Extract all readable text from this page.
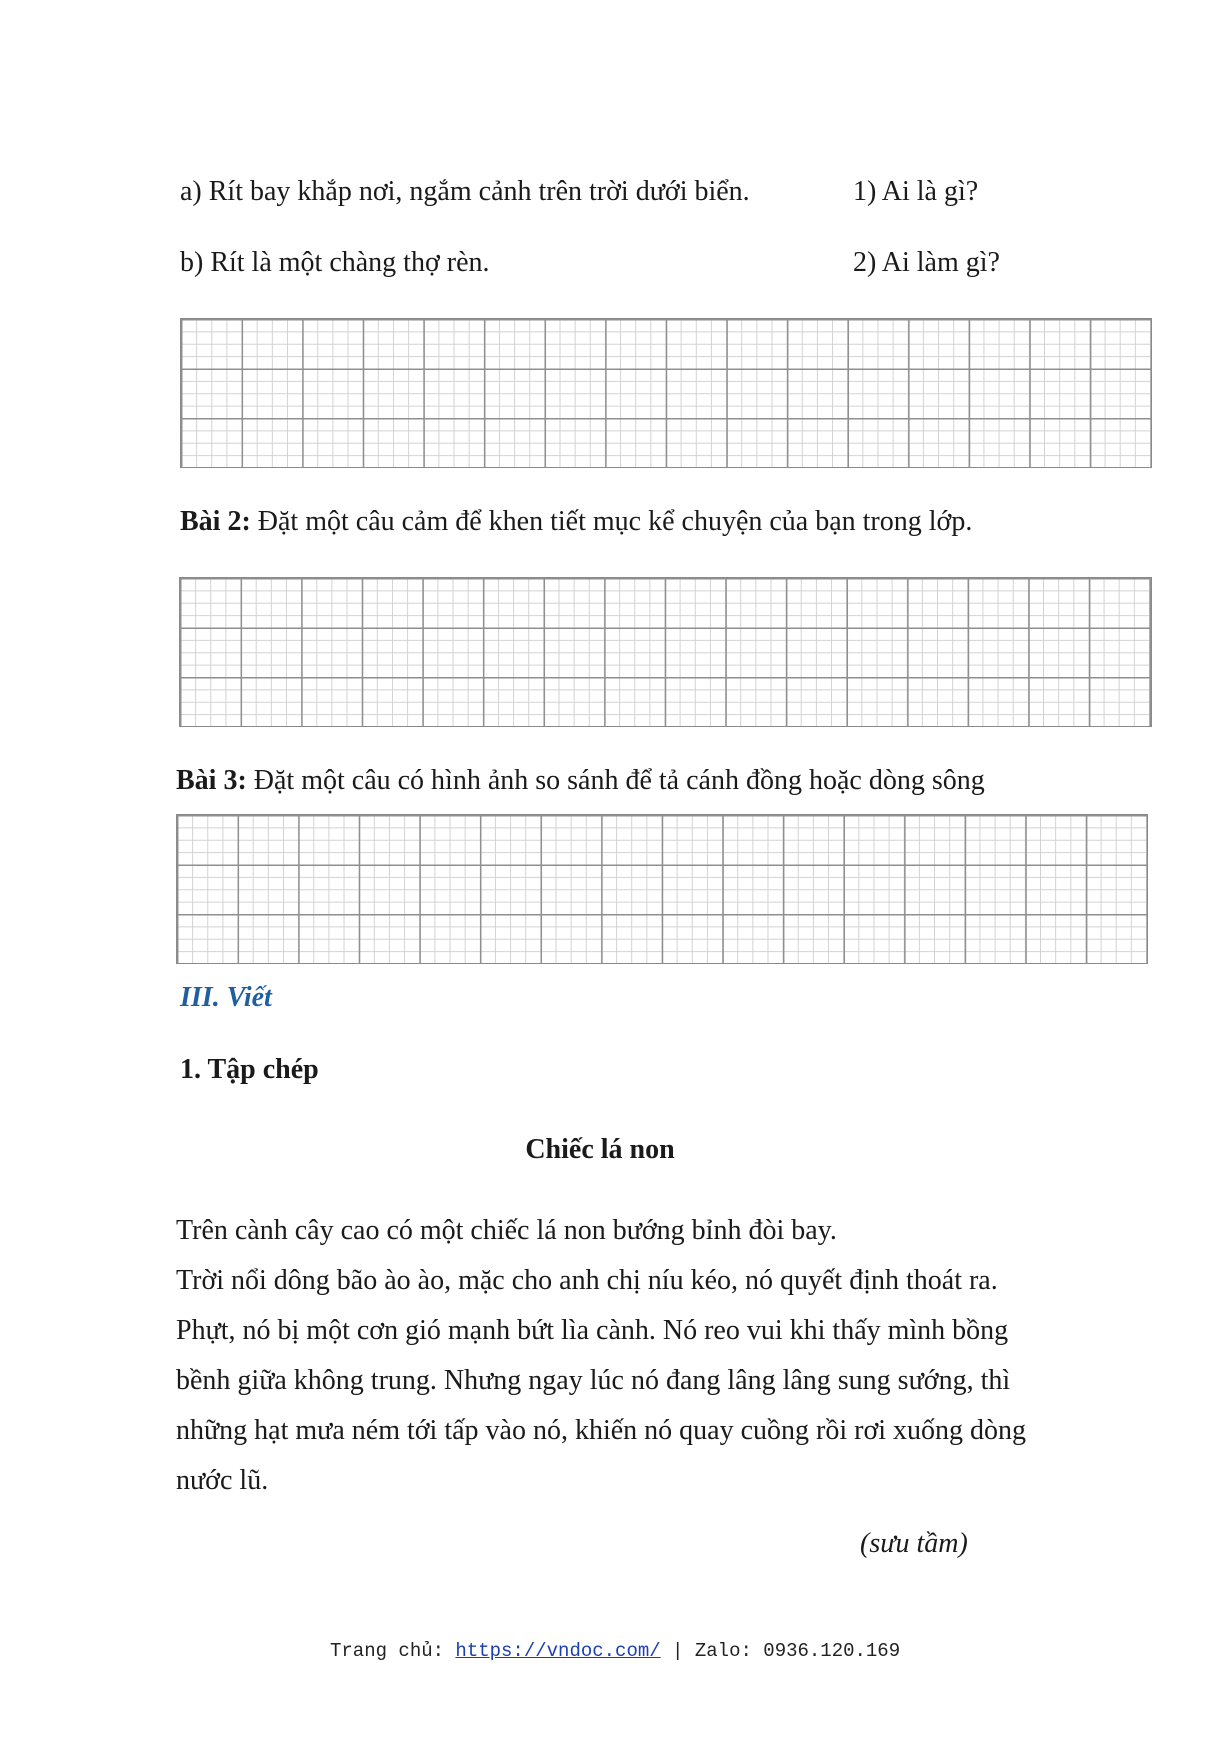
a) Rít bay khắp nơi, ngắm cảnh trên trời dưới biển.	1) Ai là gì?
b) Rít là một chàng thợ rèn.	2) Ai làm gì?
Bài 2: Đặt một câu cảm để khen tiết mục kể chuyện của bạn trong lớp.
Bài 3: Đặt một câu có hình ảnh so sánh để tả cánh đồng hoặc dòng sông
III. Viết
1. Tập chép
Chiếc lá non
Trên cành cây cao có một chiếc lá non bướng bỉnh đòi bay.
Trời nổi dông bão ào ào, mặc cho anh chị níu kéo, nó quyết định thoát ra.
Phựt, nó bị một cơn gió mạnh bứt lìa cành. Nó reo vui khi thấy mình bồng
bềnh giữa không trung. Nhưng ngay lúc nó đang lâng lâng sung sướng, thì
những hạt mưa ném tới tấp vào nó, khiến nó quay cuồng rồi rơi xuống dòng
nước lũ.
(sưu tầm)
Trang chủ: https://vndoc.com/ | Zalo: 0936.120.169
